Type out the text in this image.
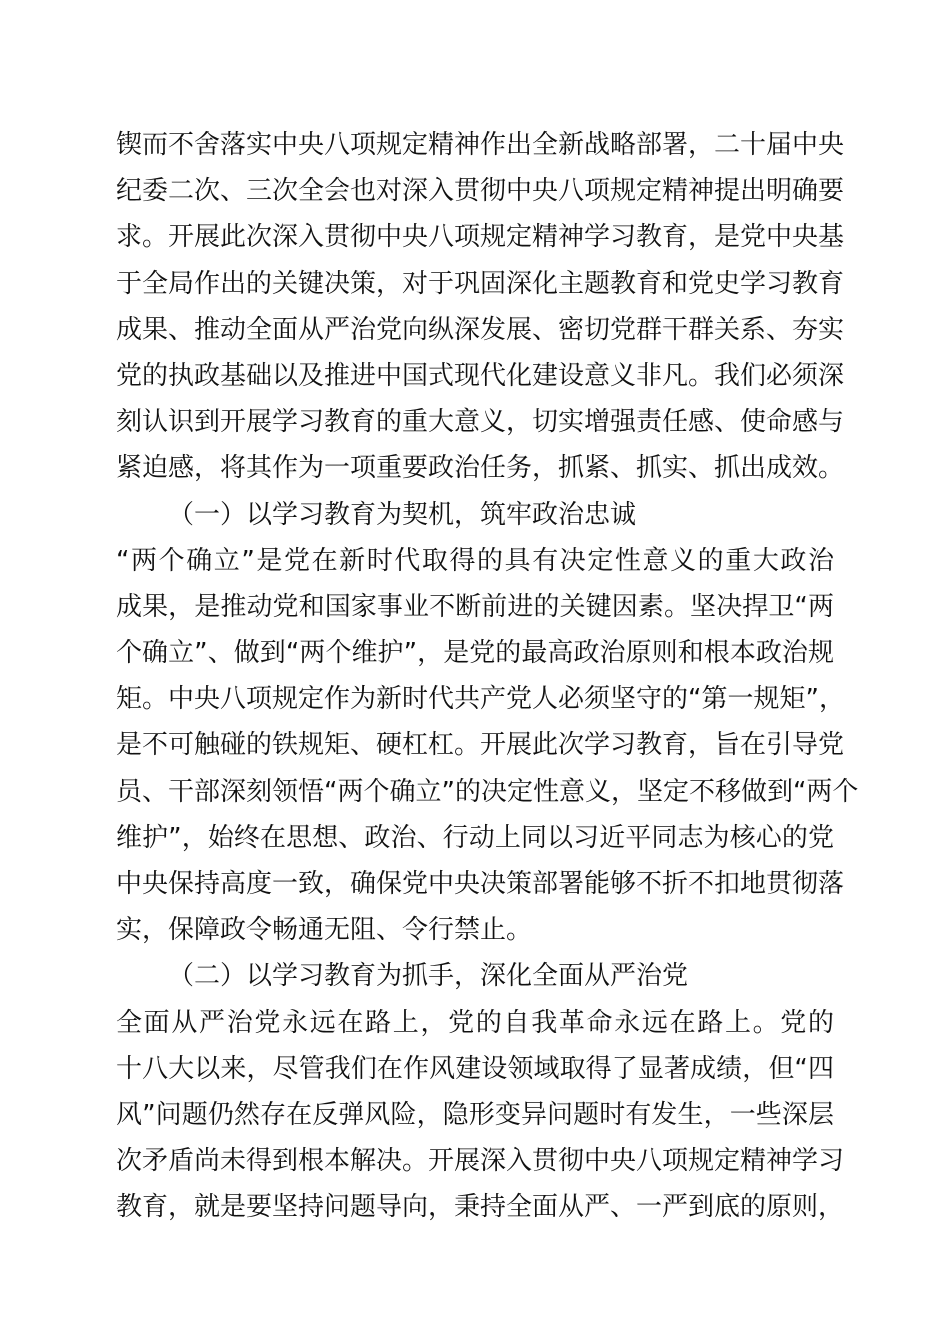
锲而不舍落实中央八项规定精神作出全新战略部署，二十届中央
纪委二次、三次全会也对深入贯彻中央八项规定精神提出明确要
求。开展此次深入贯彻中央八项规定精神学习教育，是党中央基
于全局作出的关键决策，对于巩固深化主题教育和党史学习教育
成果、推动全面从严治党向纵深发展、密切党群干群关系、夯实
党的执政基础以及推进中国式现代化建设意义非凡。我们必须深
刻认识到开展学习教育的重大意义，切实增强责任感、使命感与
紧迫感，将其作为一项重要政治任务，抓紧、抓实、抓出成效。
（一）以学习教育为契机，筑牢政治忠诚
“两个确立”是党在新时代取得的具有决定性意义的重大政治
成果，是推动党和国家事业不断前进的关键因素。坚决捍卫“两
个确立”、做到“两个维护”，是党的最高政治原则和根本政治规
矩。中央八项规定作为新时代共产党人必须坚守的“第一规矩”，
是不可触碰的铁规矩、硬杠杠。开展此次学习教育，旨在引导党
员、干部深刻领悟“两个确立”的决定性意义，坚定不移做到“两个
维护”，始终在思想、政治、行动上同以习近平同志为核心的党
中央保持高度一致，确保党中央决策部署能够不折不扣地贯彻落
实，保障政令畅通无阻、令行禁止。
（二）以学习教育为抓手，深化全面从严治党
全面从严治党永远在路上，党的自我革命永远在路上。党的
十八大以来，尽管我们在作风建设领域取得了显著成绩，但“四
风”问题仍然存在反弹风险，隐形变异问题时有发生，一些深层
次矛盾尚未得到根本解决。开展深入贯彻中央八项规定精神学习
教育，就是要坚持问题导向，秉持全面从严、一严到底的原则，
